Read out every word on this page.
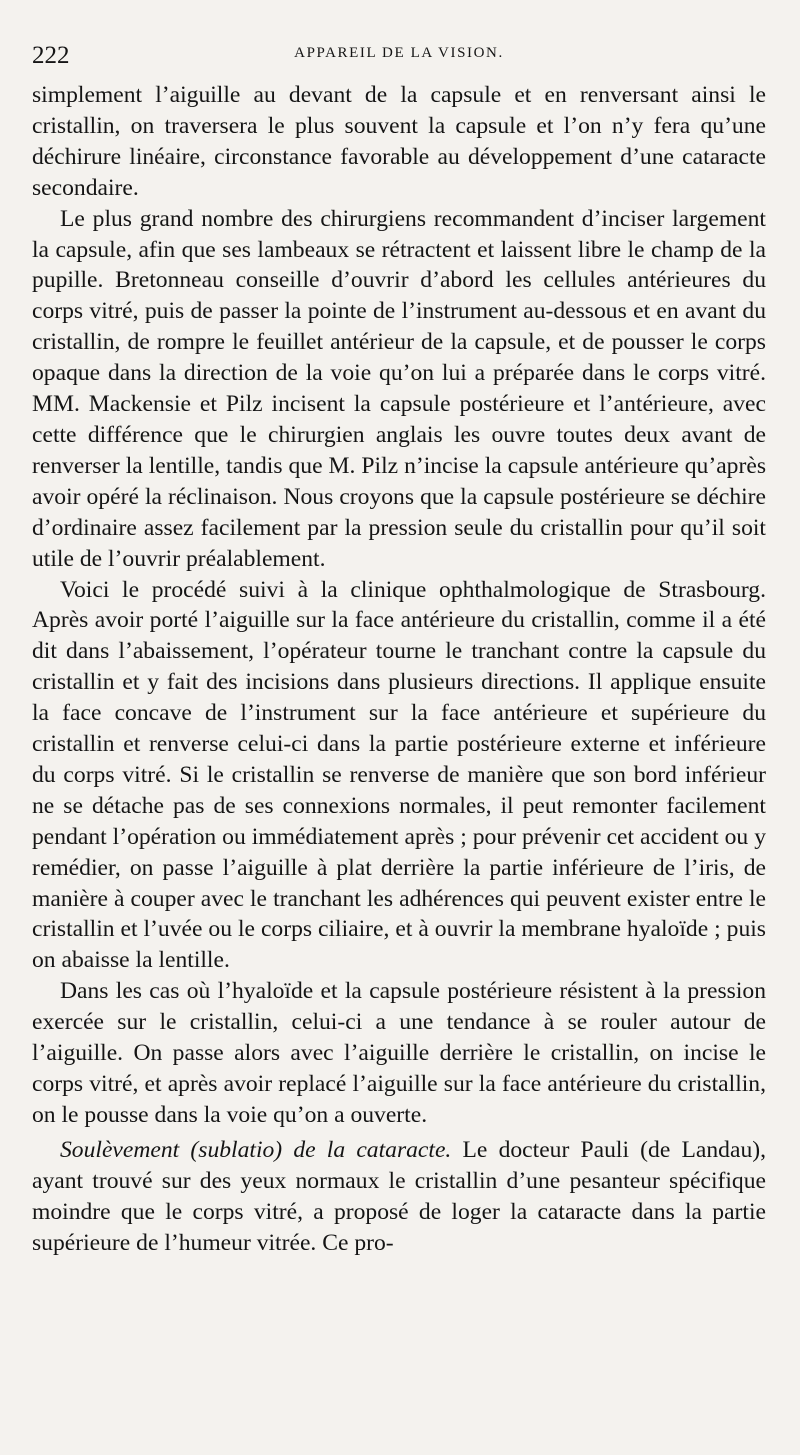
222	APPAREIL DE LA VISION.

simplement l’aiguille au devant de la capsule et en renversant ainsi le cristallin, on traversera le plus souvent la capsule et l’on n’y fera qu’une déchirure linéaire, circonstance favorable au développement d’une cataracte secondaire.

Le plus grand nombre des chirurgiens recommandent d’inciser largement la capsule, afin que ses lambeaux se rétractent et laissent libre le champ de la pupille. Bretonneau conseille d’ouvrir d’abord les cellules antérieures du corps vitré, puis de passer la pointe de l’instrument au-dessous et en avant du cristallin, de rompre le feuillet antérieur de la capsule, et de pousser le corps opaque dans la direction de la voie qu’on lui a préparée dans le corps vitré. MM. Mackensie et Pilz incisent la capsule postérieure et l’antérieure, avec cette différence que le chirurgien anglais les ouvre toutes deux avant de renverser la lentille, tandis que M. Pilz n’incise la capsule antérieure qu’après avoir opéré la réclinaison. Nous croyons que la capsule postérieure se déchire d’ordinaire assez facilement par la pression seule du cristallin pour qu’il soit utile de l’ouvrir préalablement.

Voici le procédé suivi à la clinique ophthalmologique de Strasbourg. Après avoir porté l’aiguille sur la face antérieure du cristallin, comme il a été dit dans l’abaissement, l’opérateur tourne le tranchant contre la capsule du cristallin et y fait des incisions dans plusieurs directions. Il applique ensuite la face concave de l’instrument sur la face antérieure et supérieure du cristallin et renverse celui-ci dans la partie postérieure externe et inférieure du corps vitré. Si le cristallin se renverse de manière que son bord inférieur ne se détache pas de ses connexions normales, il peut remonter facilement pendant l’opération ou immédiatement après ; pour prévenir cet accident ou y remédier, on passe l’aiguille à plat derrière la partie inférieure de l’iris, de manière à couper avec le tranchant les adhérences qui peuvent exister entre le cristallin et l’uvée ou le corps ciliaire, et à ouvrir la membrane hyaloïde ; puis on abaisse la lentille.

Dans les cas où l’hyaloïde et la capsule postérieure résistent à la pression exercée sur le cristallin, celui-ci a une tendance à se rouler autour de l’aiguille. On passe alors avec l’aiguille derrière le cristallin, on incise le corps vitré, et après avoir replacé l’aiguille sur la face antérieure du cristallin, on le pousse dans la voie qu’on a ouverte.

Soulèvement (sublatio) de la cataracte. Le docteur Pauli (de Landau), ayant trouvé sur des yeux normaux le cristallin d’une pesanteur spécifique moindre que le corps vitré, a proposé de loger la cataracte dans la partie supérieure de l’humeur vitrée. Ce pro-
